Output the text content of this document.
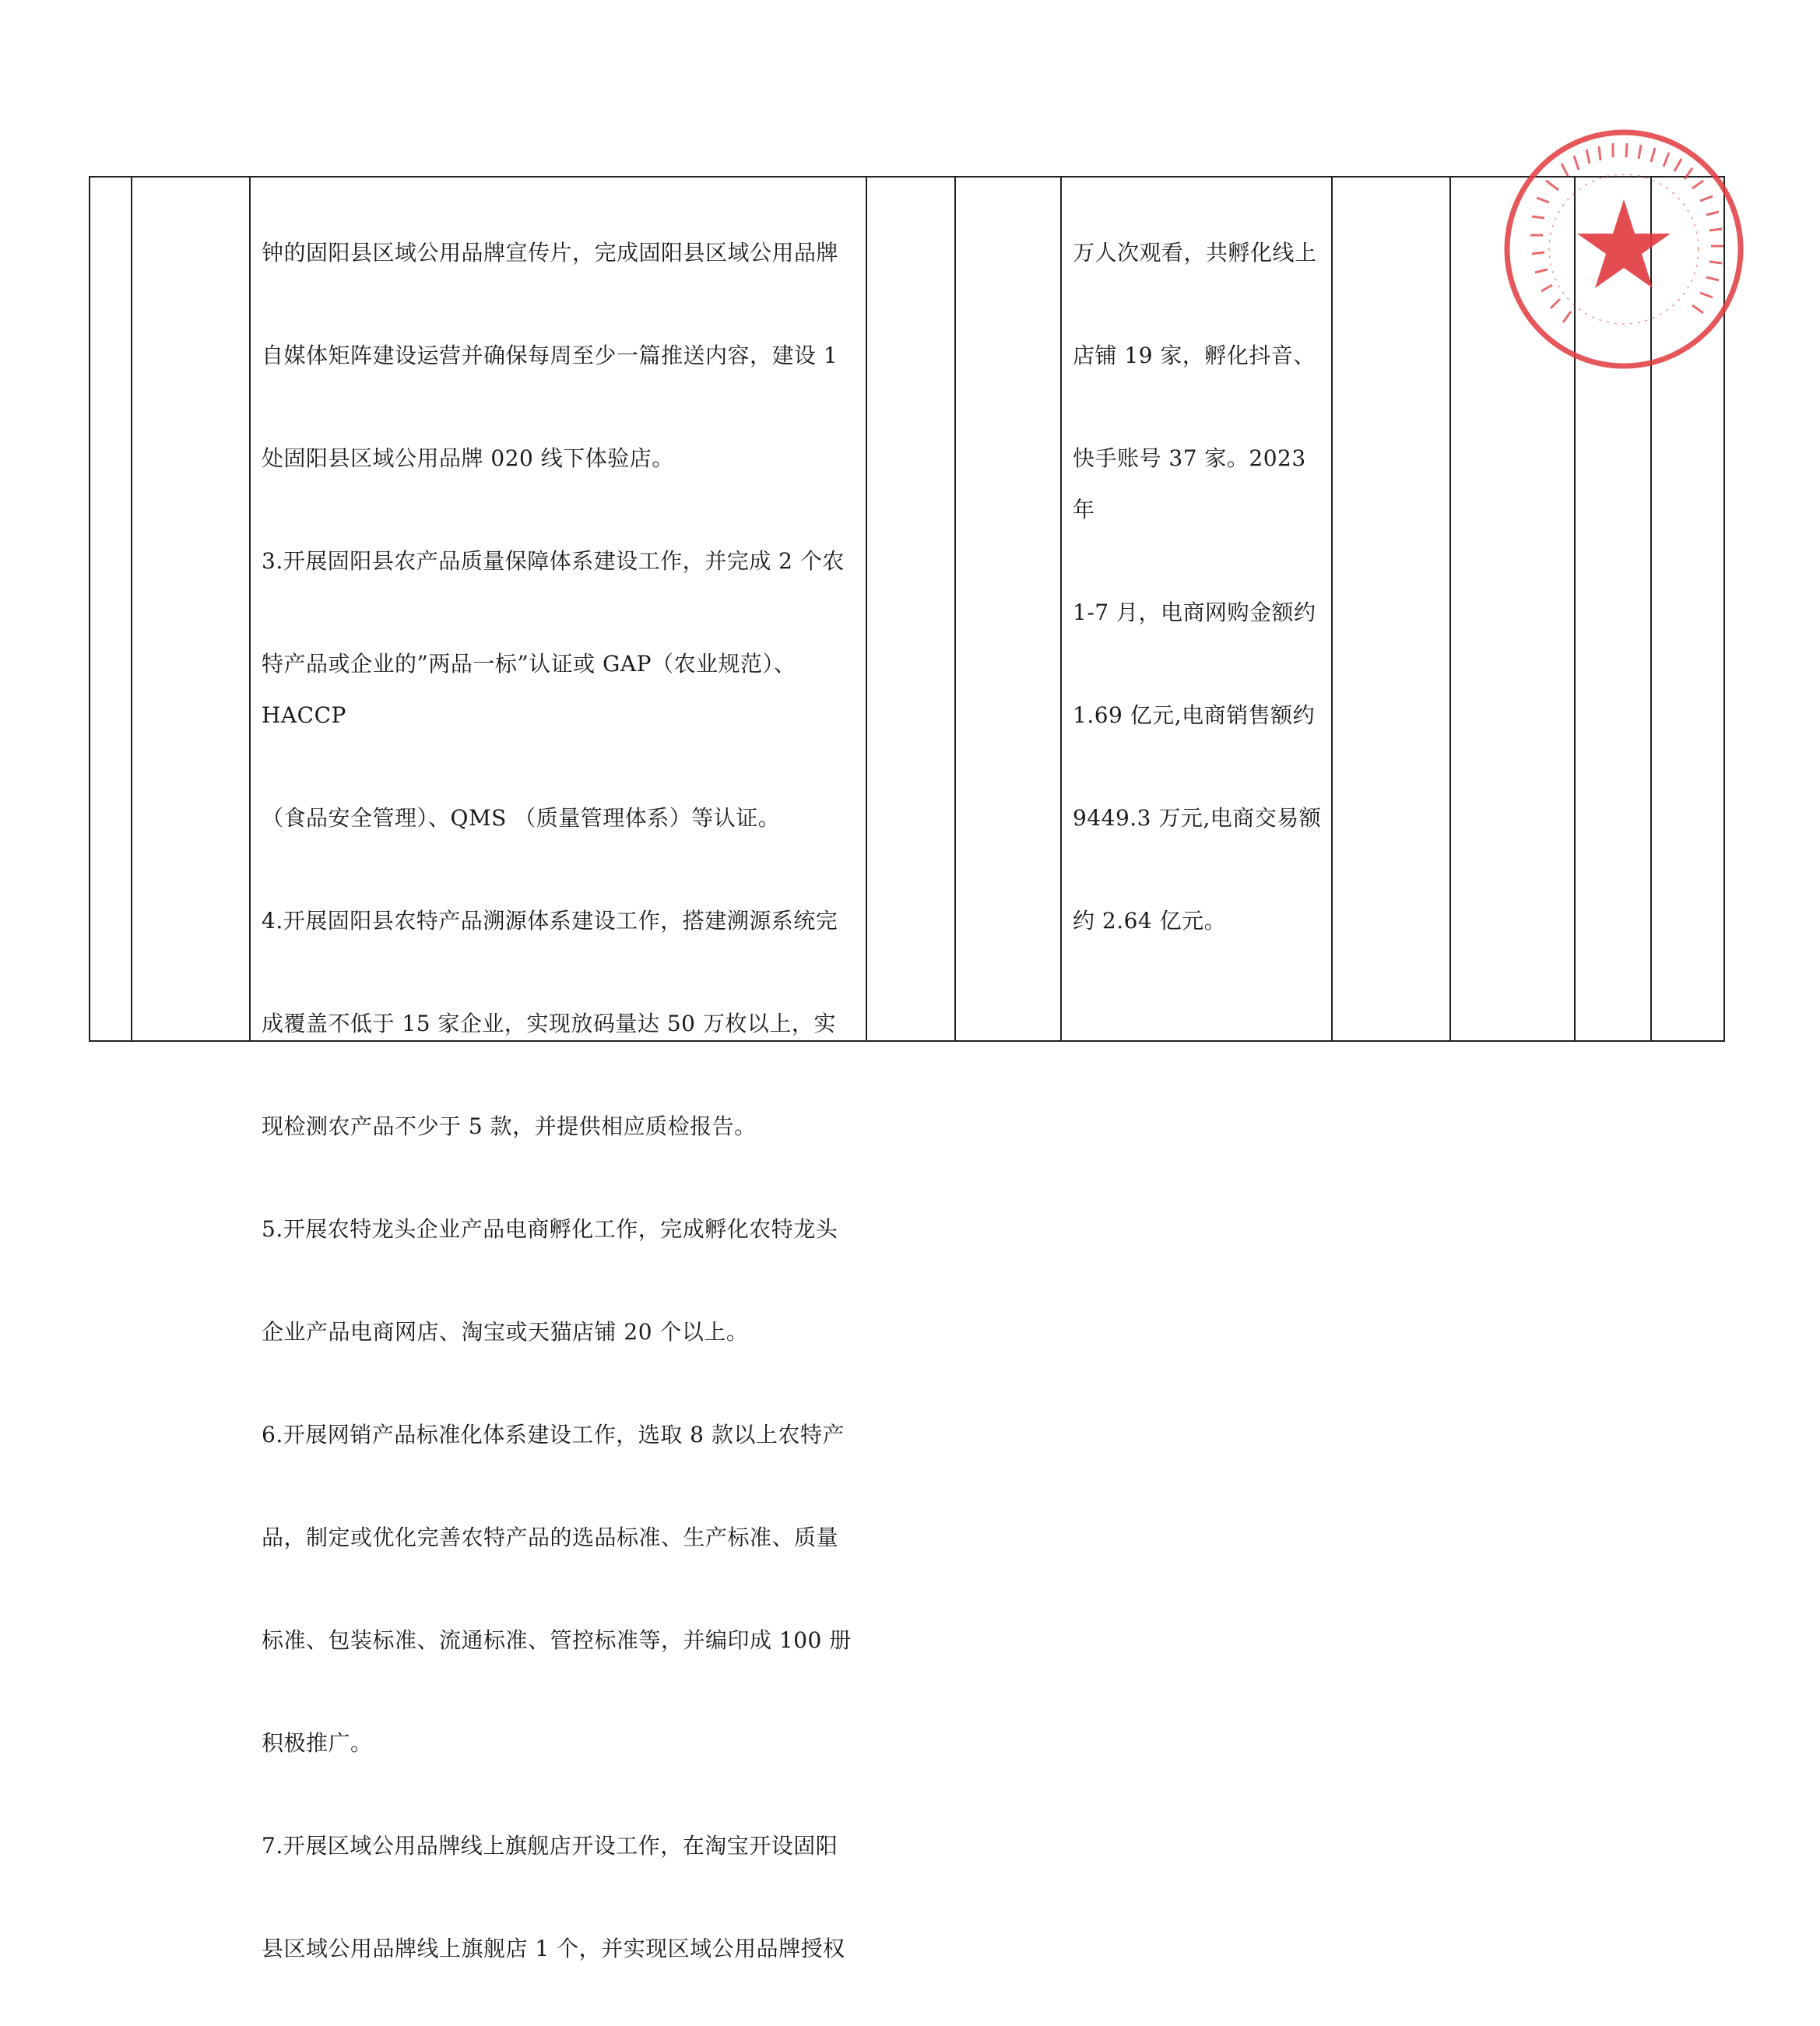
钟的固阳县区域公用品牌宣传片，完成固阳县区域公用品牌

自媒体矩阵建设运营并确保每周至少一篇推送内容，建设 1

处固阳县区域公用品牌 020 线下体验店。

3.开展固阳县农产品质量保障体系建设工作，并完成 2 个农

特产品或企业的”两品一标”认证或 GAP（农业规范）、HACCP

（食品安全管理）、QMS （质量管理体系）等认证。

4.开展固阳县农特产品溯源体系建设工作，搭建溯源系统完

成覆盖不低于 15 家企业，实现放码量达 50 万枚以上，实

现检测农产品不少于 5 款，并提供相应质检报告。

5.开展农特龙头企业产品电商孵化工作，完成孵化农特龙头

企业产品电商网店、淘宝或天猫店铺 20 个以上。

6.开展网销产品标准化体系建设工作，选取 8 款以上农特产

品，制定或优化完善农特产品的选品标准、生产标准、质量

标准、包装标准、流通标准、管控标准等，并编印成 100 册

积极推广。

7.开展区域公用品牌线上旗舰店开设工作，在淘宝开设固阳

县区域公用品牌线上旗舰店 1 个，并实现区域公用品牌授权

万人次观看，共孵化线上

店铺 19 家，孵化抖音、

快手账号 37 家。2023 年

1-7 月，电商网购金额约

1.69 亿元,电商销售额约

9449.3 万元,电商交易额

约 2.64 亿元。
